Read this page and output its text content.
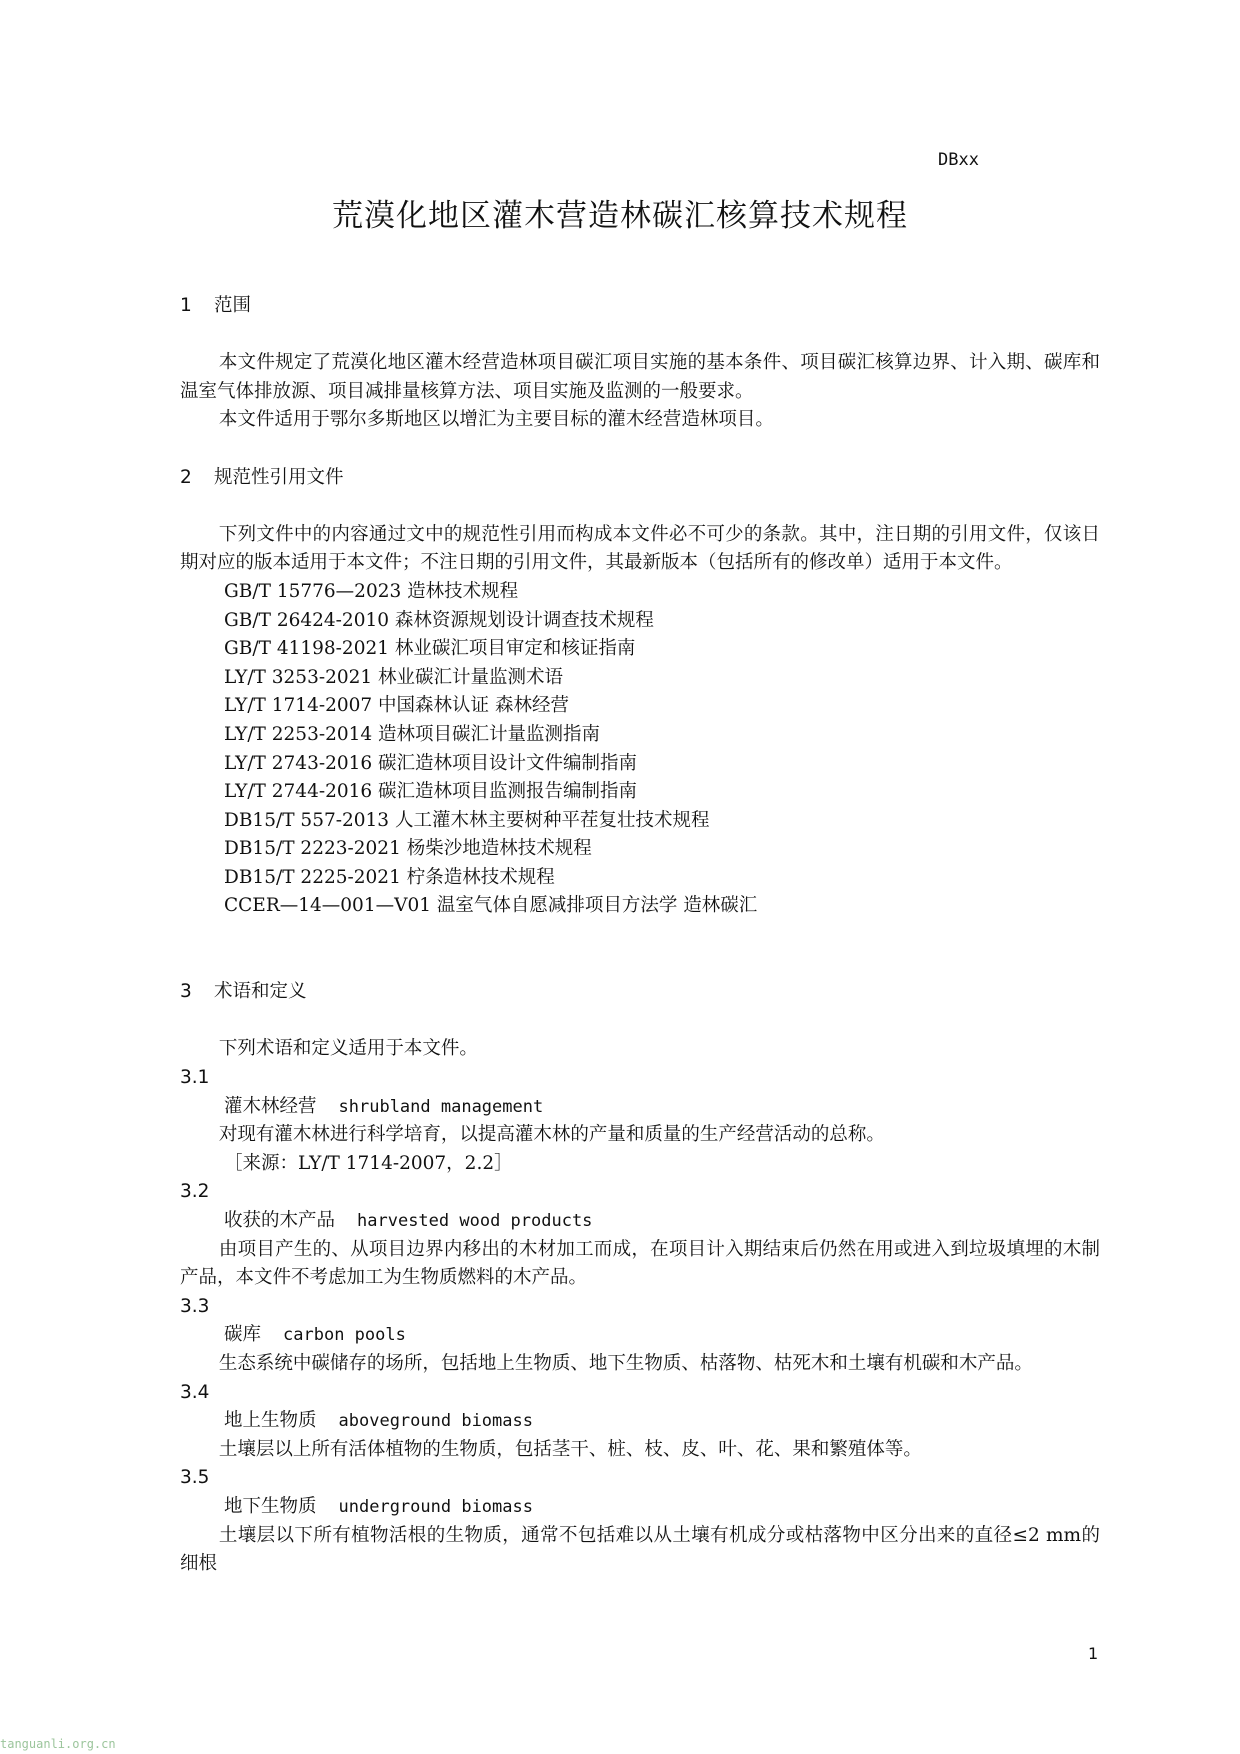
DBxx
荒漠化地区灌木营造林碳汇核算技术规程
1 范围

本文件规定了荒漠化地区灌木经营造林项目碳汇项目实施的基本条件、项目碳汇核算边界、计入期、碳库和温室气体排放源、项目减排量核算方法、项目实施及监测的一般要求。

本文件适用于鄂尔多斯地区以增汇为主要目标的灌木经营造林项目。

2 规范性引用文件

下列文件中的内容通过文中的规范性引用而构成本文件必不可少的条款。其中，注日期的引用文件，仅该日期对应的版本适用于本文件；不注日期的引用文件，其最新版本（包括所有的修改单）适用于本文件。

GB/T 15776—2023 造林技术规程
GB/T 26424-2010 森林资源规划设计调查技术规程
GB/T 41198-2021 林业碳汇项目审定和核证指南
LY/T 3253-2021 林业碳汇计量监测术语
LY/T 1714-2007 中国森林认证 森林经营
LY/T 2253-2014 造林项目碳汇计量监测指南
LY/T 2743-2016 碳汇造林项目设计文件编制指南
LY/T 2744-2016 碳汇造林项目监测报告编制指南
DB15/T 557-2013 人工灌木林主要树种平茬复壮技术规程
DB15/T 2223-2021 杨柴沙地造林技术规程
DB15/T 2225-2021 柠条造林技术规程
CCER—14—001—V01 温室气体自愿减排项目方法学 造林碳汇
3 术语和定义

下列术语和定义适用于本文件。

3.1
灌木林经营 shrubland management

对现有灌木林进行科学培育，以提高灌木林的产量和质量的生产经营活动的总称。

［来源：LY/T 1714-2007，2.2］
3.2
收获的木产品 harvested wood products

由项目产生的、从项目边界内移出的木材加工而成，在项目计入期结束后仍然在用或进入到垃圾填埋的木制产品，本文件不考虑加工为生物质燃料的木产品。

3.3
碳库 carbon pools

生态系统中碳储存的场所，包括地上生物质、地下生物质、枯落物、枯死木和土壤有机碳和木产品。

3.4
地上生物质 aboveground biomass

土壤层以上所有活体植物的生物质，包括茎干、桩、枝、皮、叶、花、果和繁殖体等。

3.5
地下生物质 underground biomass

土壤层以下所有植物活根的生物质，通常不包括难以从土壤有机成分或枯落物中区分出来的直径≤2 mm的细根

1
tanguanli.org.cn
